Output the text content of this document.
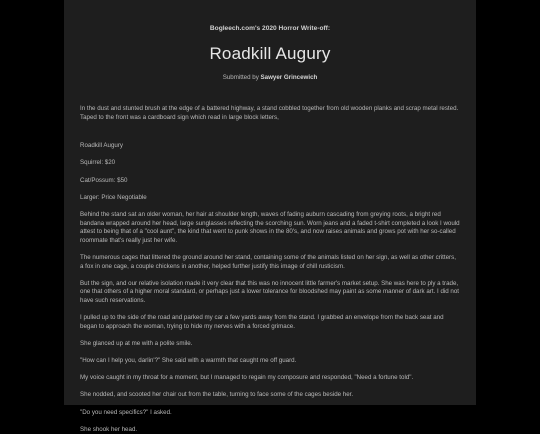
Bogleech.com's 2020 Horror Write-off:
Roadkill Augury
Submitted by Sawyer Grincewich

In the dust and stunted brush at the edge of a battered highway, a stand cobbled together from old wooden planks and scrap metal rested. Taped to the front was a cardboard sign which read in large block letters,

Roadkill Augury

Squirrel: $20

Cat/Possum: $50

Larger: Price Negotiable

Behind the stand sat an older woman, her hair at shoulder length, waves of fading auburn cascading from greying roots, a bright red bandana wrapped around her head, large sunglasses reflecting the scorching sun. Worn jeans and a faded t-shirt completed a look I would attest to being that of a "cool aunt", the kind that went to punk shows in the 80's, and now raises animals and grows pot with her so-called roommate that's really just her wife.

The numerous cages that littered the ground around her stand, containing some of the animals listed on her sign, as well as other critters, a fox in one cage, a couple chickens in another, helped further justify this image of chill rusticism.

But the sign, and our relative isolation made it very clear that this was no innocent little farmer's market setup. She was here to ply a trade, one that others of a higher moral standard, or perhaps just a lower tolerance for bloodshed may paint as some manner of dark art. I did not have such reservations.

I pulled up to the side of the road and parked my car a few yards away from the stand. I grabbed an envelope from the back seat and began to approach the woman, trying to hide my nerves with a forced grimace.

She glanced up at me with a polite smile.

"How can I help you, darlin'?" She said with a warmth that caught me off guard.

My voice caught in my throat for a moment, but I managed to regain my composure and responded, "Need a fortune told".

She nodded, and scooted her chair out from the table, turning to face some of the cages beside her.

"Do you need specifics?" I asked.

She shook her head.
